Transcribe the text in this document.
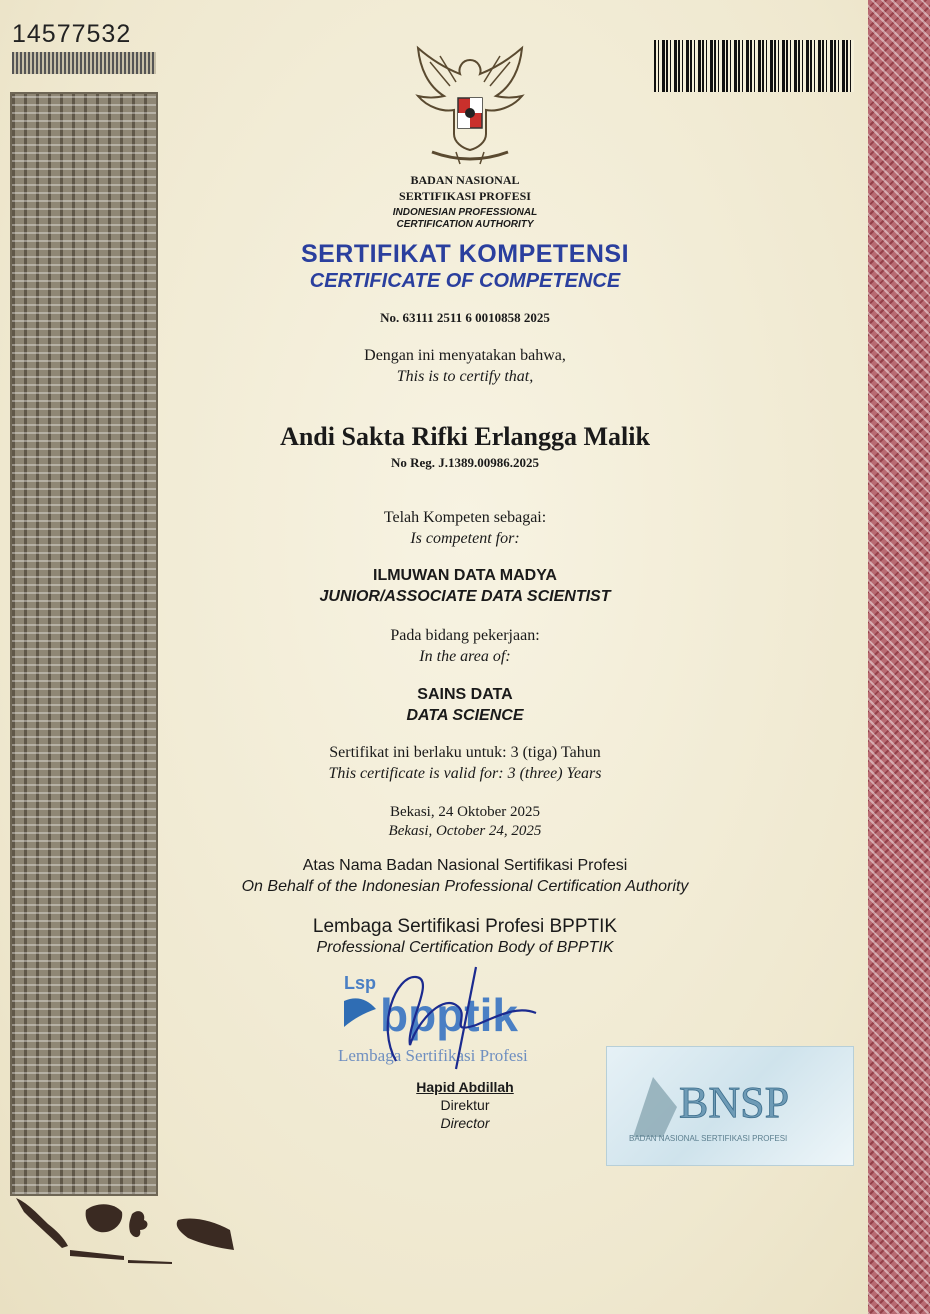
14577532
BADAN NASIONAL
SERTIFIKASI PROFESI
INDONESIAN PROFESSIONAL
CERTIFICATION AUTHORITY
SERTIFIKAT KOMPETENSI
CERTIFICATE OF COMPETENCE
No. 63111 2511 6 0010858 2025
Dengan ini menyatakan bahwa,
This is to certify that,
Andi Sakta Rifki Erlangga Malik
No Reg. J.1389.00986.2025
Telah Kompeten sebagai:
Is competent for:
ILMUWAN DATA MADYA
JUNIOR/ASSOCIATE DATA SCIENTIST
Pada bidang pekerjaan:
In the area of:
SAINS DATA
DATA SCIENCE
Sertifikat ini berlaku untuk: 3 (tiga) Tahun
This certificate is valid for: 3 (three) Years
Bekasi, 24 Oktober 2025
Bekasi, October 24, 2025
Atas Nama Badan Nasional Sertifikasi Profesi
On Behalf of the Indonesian Professional Certification Authority
Lembaga Sertifikasi Profesi BPPTIK
Professional Certification Body of BPPTIK
Lsp
bpptik
Lembaga Sertifikasi Profesi
Hapid Abdillah
Direktur
Director	BNSP
BADAN NASIONAL SERTIFIKASI PROFESI
